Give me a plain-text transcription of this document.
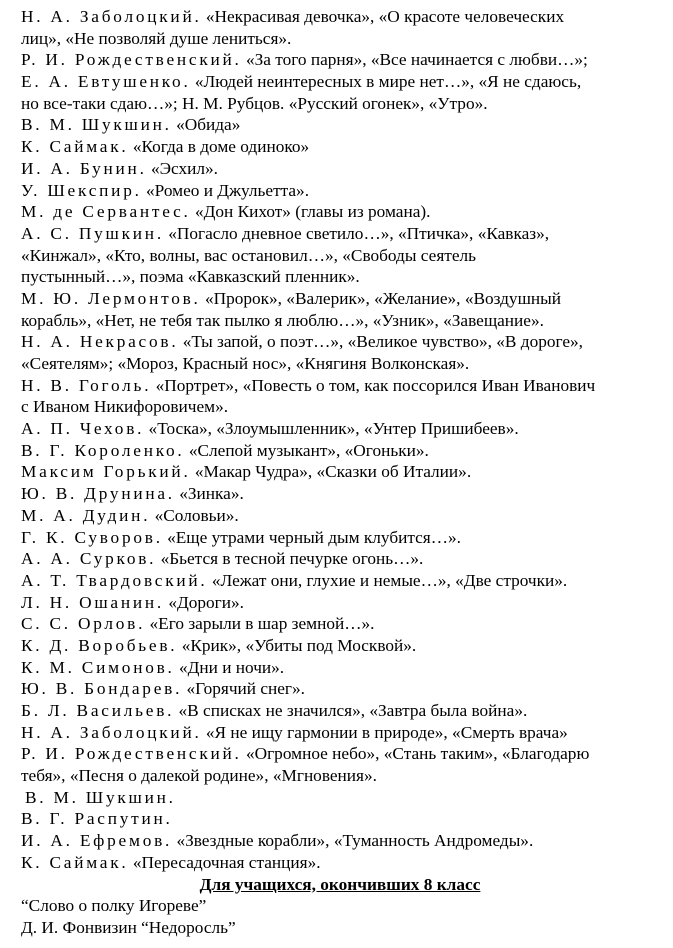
Н. А. Заболоцкий. «Некрасивая девочка», «О красоте человеческих
лиц», «Не позволяй душе лениться».
Р. И. Рождественский. «За того парня», «Все начинается с любви…»;
Е. А. Евтушенко. «Людей неинтересных в мире нет…», «Я не сдаюсь,
но все-таки сдаю…»; Н. М. Рубцов. «Русский огонек», «Утро».
В. М. Шукшин. «Обида»
К. Саймак. «Когда в доме одиноко»
И. А. Бунин. «Эсхил».
У. Шекспир. «Ромео и Джульетта».
М. де Сервантес. «Дон Кихот» (главы из романа).
А. С. Пушкин. «Погасло дневное светило…», «Птичка», «Кавказ»,
«Кинжал», «Кто, волны, вас остановил…», «Свободы сеятель
пустынный…», поэма «Кавказский пленник».
М. Ю. Лермонтов. «Пророк», «Валерик», «Желание», «Воздушный
корабль», «Нет, не тебя так пылко я люблю…», «Узник», «Завещание».
Н. А. Некрасов. «Ты запой, о поэт…», «Великое чувство», «В дороге»,
«Сеятелям»; «Мороз, Красный нос», «Княгиня Волконская».
Н. В. Гоголь. «Портрет», «Повесть о том, как поссорился Иван Иванович
с Иваном Никифоровичем».
А. П. Чехов. «Тоска», «Злоумышленник», «Унтер Пришибеев».
В. Г. Короленко. «Слепой музыкант», «Огоньки».
Максим Горький. «Макар Чудра», «Сказки об Италии».
Ю. В. Друнина. «Зинка».
М. А. Дудин. «Соловьи».
Г. К. Суворов. «Еще утрами черный дым клубится…».
А. А. Сурков. «Бьется в тесной печурке огонь…».
А. Т. Твардовский. «Лежат они, глухие и немые…», «Две строчки».
Л. Н. Ошанин. «Дороги».
С. С. Орлов. «Его зарыли в шар земной…».
К. Д. Воробьев. «Крик», «Убиты под Москвой».
К. М. Симонов. «Дни и ночи».
Ю. В. Бондарев. «Горячий снег».
Б. Л. Васильев. «В списках не значился», «Завтра была война».
Н. А. Заболоцкий. «Я не ищу гармонии в природе», «Смерть врача»
Р. И. Рождественский. «Огромное небо», «Стань таким», «Благодарю
тебя», «Песня о далекой родине», «Мгновения».
В. М. Шукшин.
В. Г. Распутин.
И. А. Ефремов. «Звездные корабли», «Туманность Андромеды».
К. Саймак. «Пересадочная станция».
Для учащихся, окончивших 8 класс
“Слово о полку Игореве”
Д. И. Фонвизин “Недоросль”
